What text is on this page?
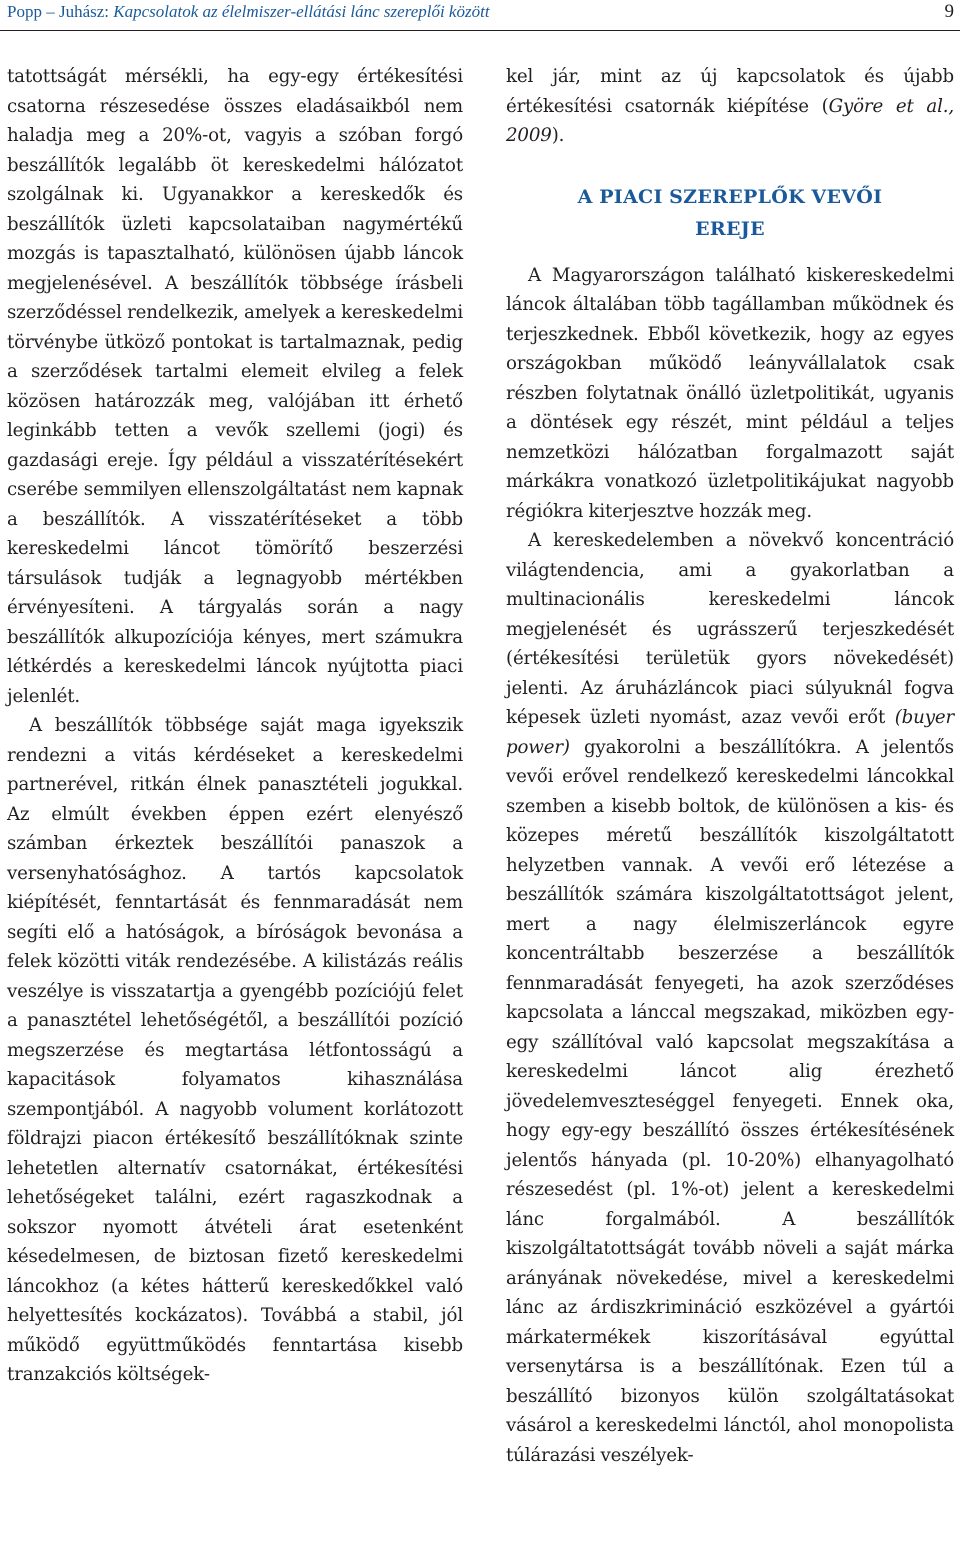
Popp – Juhász: Kapcsolatok az élelmiszer-ellátási lánc szereplői között	9

tatottságát mérsékli, ha egy-egy értékesítési csatorna részesedése összes eladásaikból nem haladja meg a 20%-ot, vagyis a szóban forgó beszállítók legalább öt kereskedelmi hálózatot szolgálnak ki. Ugyanakkor a kereskedők és beszállítók üzleti kapcsolataiban nagymértékű mozgás is tapasztalható, különösen újabb láncok megjelenésével. A beszállítók többsége írásbeli szerződéssel rendelkezik, amelyek a kereskedelmi törvénybe ütköző pontokat is tartalmaznak, pedig a szerződések tartalmi elemeit elvileg a felek közösen határozzák meg, valójában itt érhető leginkább tetten a vevők szellemi (jogi) és gazdasági ereje. Így például a visszatérítésekért cserébe semmilyen ellenszolgáltatást nem kapnak a beszállítók. A visszatérítéseket a több kereskedelmi láncot tömörítő beszerzési társulások tudják a legnagyobb mértékben érvényesíteni. A tárgyalás során a nagy beszállítók alkupozíciója kényes, mert számukra létkérdés a kereskedelmi láncok nyújtotta piaci jelenlét.

A beszállítók többsége saját maga igyekszik rendezni a vitás kérdéseket a kereskedelmi partnerével, ritkán élnek panasztételi jogukkal. Az elmúlt években éppen ezért elenyésző számban érkeztek beszállítói panaszok a versenyhatósághoz. A tartós kapcsolatok kiépítését, fenntartását és fennmaradását nem segíti elő a hatóságok, a bíróságok bevonása a felek közötti viták rendezésébe. A kilistázás reális veszélye is visszatartja a gyengébb pozíciójú felet a panasztétel lehetőségétől, a beszállítói pozíció megszerzése és megtartása létfontosságú a kapacitások folyamatos kihasználása szempontjából. A nagyobb volument korlátozott földrajzi piacon értékesítő beszállítóknak szinte lehetetlen alternatív csatornákat, értékesítési lehetőségeket találni, ezért ragaszkodnak a sokszor nyomott átvételi árat esetenként késedelmesen, de biztosan fizető kereskedelmi láncokhoz (a kétes hátterű kereskedőkkel való helyettesítés kockázatos). Továbbá a stabil, jól működő együttműködés fenntartása kisebb tranzakciós költségek-

kel jár, mint az új kapcsolatok és újabb értékesítési csatornák kiépítése (Györe et al., 2009).

A PIACI SZEREPLŐK VEVŐI EREJE

A Magyarországon található kiskereskedelmi láncok általában több tagállamban működnek és terjeszkednek. Ebből következik, hogy az egyes országokban működő leányvállalatok csak részben folytatnak önálló üzletpolitikát, ugyanis a döntések egy részét, mint például a teljes nemzetközi hálózatban forgalmazott saját márkákra vonatkozó üzletpolitikájukat nagyobb régiókra kiterjesztve hozzák meg.

A kereskedelemben a növekvő koncentráció világtendencia, ami a gyakorlatban a multinacionális kereskedelmi láncok megjelenését és ugrásszerű terjeszkedését (értékesítési területük gyors növekedését) jelenti. Az áruházláncok piaci súlyuknál fogva képesek üzleti nyomást, azaz vevői erőt (buyer power) gyakorolni a beszállítókra. A jelentős vevői erővel rendelkező kereskedelmi láncokkal szemben a kisebb boltok, de különösen a kis- és közepes méretű beszállítók kiszolgáltatott helyzetben vannak. A vevői erő létezése a beszállítók számára kiszolgáltatottságot jelent, mert a nagy élelmiszerláncok egyre koncentráltabb beszerzése a beszállítók fennmaradását fenyegeti, ha azok szerződéses kapcsolata a lánccal megszakad, miközben egy-egy szállítóval való kapcsolat megszakítása a kereskedelmi láncot alig érezhető jövedelemveszteséggel fenyegeti. Ennek oka, hogy egy-egy beszállító összes értékesítésének jelentős hányada (pl. 10-20%) elhanyagolható részesedést (pl. 1%-ot) jelent a kereskedelmi lánc forgalmából. A beszállítók kiszolgáltatottságát tovább növeli a saját márka arányának növekedése, mivel a kereskedelmi lánc az árdiszkrimináció eszközével a gyártói márkatermékek kiszorításával egyúttal versenytársa is a beszállítónak. Ezen túl a beszállító bizonyos külön szolgáltatásokat vásárol a kereskedelmi lánctól, ahol monopolista túlárazási veszélyek-
